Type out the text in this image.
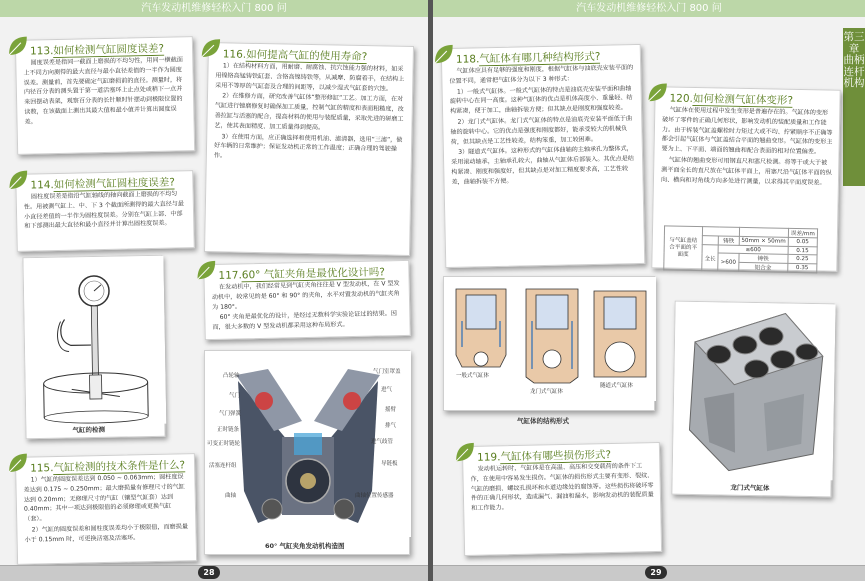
汽车发动机维修轻松入门 800 问
113.如何检测气缸圆度误差?
圆度误差是指同一截面上磨损的不均匀性，用同一横截面上不同方向测得的最大直径与最小直径差值的一半作为圆度误差。测量前，首先要确定气缸磨损前的直径。测量时，将内径百分表的测头置于第一道活塞环上止点处或稍下一点并来回摆动表架，观察百分表的长针顺时针摆动到极限位置的读数，在该截面上测出其最大值和最小值并计算出圆度误差。
114.如何检测气缸圆柱度误差?
圆柱度误差是指沿气缸轴线的轴向截面上磨损的不均匀性。用被测气缸上、中、下 3 个截面所测得的最大直径与最小直径差值的一半作为圆柱度误差。分别在气缸上部、中部和下部测出最大直径和最小直径并计算出圆柱度误差。
气缸的检测
115.气缸检测的技术条件是什么?

1）气缸的圆度误差达到 0.050 ~ 0.063mm；圆柱度误差达到 0.175 ~ 0.250mm；最大磨损量有修理尺寸的气缸达到 0.20mm；无修理尺寸的气缸（镶型气缸套）达到 0.40mm；其中一项达到极限值的必须修理或更换气缸（套）。

2）气缸的圆度误差和圆柱度误差均小于极限值，而磨损量小于 0.15mm 时，可更换活塞及活塞环。

116.如何提高气缸的使用寿命?

1）在结构材料方面，用耐磨、耐腐蚀、抗穴蚀能力强的材料，如采用镍铬高锰铸铁缸套、含铬高镍铸铁等，从减摩、防腐着手，在结构上采用不等厚的气缸套及合理的间距等，以减少湿式气缸套的穴蚀。

2）在维修方面，研究改善气缸体“整形修缸”工艺。加工方面，在对气缸进行镗磨修复时确保加工质量，控制气缸的精度和表面粗糙度，改善拉缸与活塞的配合，提高材料的使用与装配质量，采取先进的研磨工艺，使其表面精度、加工质量得到提高。

3）在使用方面，应正确选择和使用机油、滤清器，选用“三滤”，做好车辆的日常维护；保证发动机正常的工作温度；正确合理的驾驶操作。

117.60° 气缸夹角是最优化设计吗?

在发动机中，我们经常见到气缸夹角往往是 V 型发动机，在 V 型发动机中，较常见的是 60° 和 90° 的夹角，水平对置发动机的气缸夹角为 180°。

60° 夹角是最优化的设计，是经过无数科学实验论证过的结果。因而，很大多数的 V 型发动机都采用这种布局形式。

凸轮轴
气门
气门弹簧
正时链条
可变正时链轮
活塞连杆组
曲轴
气门室罩盖
进气
摇臂
排气
进气歧管
导链板
曲轴位置传感器
60° 气缸夹角发动机构造图
28
汽车发动机维修轻松入门 800 问
第三章 曲柄连杆机构
118.气缸体有哪几种结构形式?

气缸体应具有足够的强度和刚度，根据气缸体与油底壳安装平面的位置不同，通常把气缸体分为以下 3 种形式：

1）一般式气缸体。一般式气缸体的特点是油底壳安装平面和曲轴旋转中心在同一高度。这种气缸体的优点是机体高度小、重量轻、结构紧凑，便于加工，曲轴拆装方便；但其缺点是刚度和强度较差。

2）龙门式气缸体。龙门式气缸体的特点是油底壳安装平面低于曲轴的旋转中心。它的优点是强度和刚度都好，能承受较大的机械负荷，但其缺点是工艺性较差，结构笨重，加工较困难。

3）隧道式气缸体。这种形式的气缸体曲轴的主轴承孔为整体式，采用滚动轴承，主轴承孔较大，曲轴从气缸体后部装入。其优点是结构紧凑、刚度和强度好，但其缺点是对加工精度要求高，工艺性较差，曲轴拆装不方便。

120.如何检测气缸体变形?

气缸体在使用过程中发生变形是普遍存在的。气缸体的变形破坏了零件的正确几何形状，影响发动机的装配质量和工作能力。由于拆装气缸盖螺栓时力矩过大或不均、拧紧顺序不正确等都会引起气缸体与气缸盖结合平面的翘曲变形。气缸体的变形主要为上、下平面、端面的翘曲和配合表面的相对位置偏差。

气缸体的翘曲变形可用钢直尺和塞尺检测。将等于或大于被测平面全长的直尺放在气缸体平面上，用塞尺沿气缸体平面的纵向、横向和对角线方向多处进行测量，以求得其平面度误差。

与气缸盖结合平面的平面度				误差/mm
		铸铁	50mm × 50mm	0.05
	全长	≤600		0.15
		>600	铸铁	0.25
			铝合金	0.35
一般式气缸体
龙门式气缸体
隧道式气缸体
气缸体的结构形式
龙门式气缸体
119.气缸体有哪些损伤形式?
发动机运转时，气缸体是在高温、高压和交变载荷的条件下工作，在使用中容易发生损伤。气缸体的损伤形式主要有变形、裂纹、气缸的磨损、螺纹孔损坏和水道边缘处的腐蚀等。这些损伤将破坏零件的正确几何形状，造成漏气、漏油和漏水，影响发动机的装配质量和工作能力。
29
